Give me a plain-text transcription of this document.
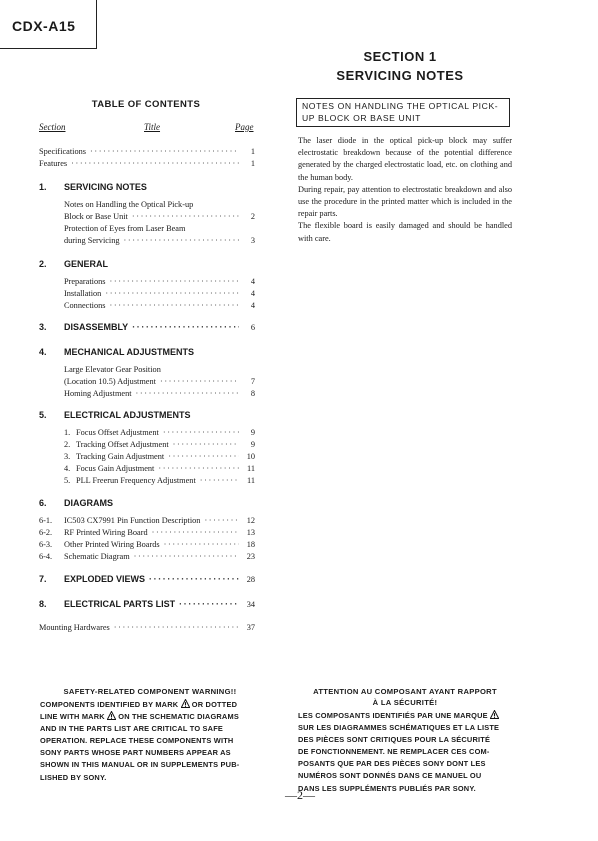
CDX-A15
SECTION 1
SERVICING NOTES
TABLE OF CONTENTS
Section	Title	Page
Specifications ·····	1
Features ·····	1
1. SERVICING NOTES
Notes on Handling the Optical Pick-up
Block or Base Unit ·····	2
Protection of Eyes from Laser Beam
during Servicing ·····	3
2. GENERAL
Preparations ·····	4
Installation ·····	4
Connections ·····	4
3.	DISASSEMBLY ·····	6
4. MECHANICAL ADJUSTMENTS
Large Elevator Gear Position
(Location 10.5) Adjustment ·····	7
Homing Adjustment ·····	8
5. ELECTRICAL ADJUSTMENTS
1. Focus Offset Adjustment ·····	9
2. Tracking Offset Adjustment ·····	9
3. Tracking Gain Adjustment ·····	10
4. Focus Gain Adjustment ·····	11
5. PLL Freerun Frequency Adjustment ·····	11
6. DIAGRAMS
6-1.	IC503 CX7991 Pin Function Description ·····	12
6-2.	RF Printed Wiring Board ·····	13
6-3.	Other Printed Wiring Boards ·····	18
6-4.	Schematic Diagram ·····	23
7.	EXPLODED VIEWS ·····	28
8.	ELECTRICAL PARTS LIST ·····	34
Mounting Hardwares ·····	37
NOTES ON HANDLING THE OPTICAL PICK-
UP BLOCK OR BASE UNIT

The laser diode in the optical pick-up block may suffer electrostatic breakdown because of the potential difference generated by the charged electrostatic load, etc. on clothing and the human body.

During repair, pay attention to electrostatic breakdown and also use the procedure in the printed matter which is included in the repair parts.

The flexible board is easily damaged and should be handled with care.

SAFETY-RELATED COMPONENT WARNING!!
COMPONENTS IDENTIFIED BY MARK  OR DOTTED
LINE WITH MARK  ON THE SCHEMATIC DIAGRAMS
AND IN THE PARTS LIST ARE CRITICAL TO SAFE
OPERATION. REPLACE THESE COMPONENTS WITH
SONY PARTS WHOSE PART NUMBERS APPEAR AS
SHOWN IN THIS MANUAL OR IN SUPPLEMENTS PUB-
LISHED BY SONY.
ATTENTION AU COMPOSANT AYANT RAPPORT
À LA SÉCURITÉ!
LES COMPOSANTS IDENTIFIÉS PAR UNE MARQUE
SUR LES DIAGRAMMES SCHÉMATIQUES ET LA LISTE
DES PIÈCES SONT CRITIQUES POUR LA SÉCURITÉ
DE FONCTIONNEMENT. NE REMPLACER CES COM-
POSANTS QUE PAR DES PIÈCES SONY DONT LES
NUMÉROS SONT DONNÉS DANS CE MANUEL OU
DANS LES SUPPLÉMENTS PUBLIÉS PAR SONY.
—2—
